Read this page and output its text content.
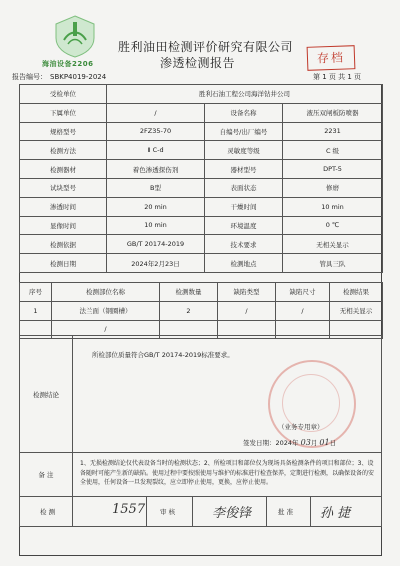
海油设备2206
胜利油田检测评价研究有限公司
渗透检测报告	存档
报告编号： SBKP4019-2024	第 1 页 共 1 页
受检单位	胜利石油工程公司海洋钻井公司		
下属单位	/	设备名称	液压双闸板防喷器
规格型号	2FZ35-70	自编号/出厂编号	2231
检测方法	Ⅱ C-d	灵敏度等级	C 级
检测器材	着色渗透探伤剂	器材型号	DPT-5
试块型号	B型	表面状态	修磨
渗透时间	20 min	干燥时间	10 min
显像时间	10 min	环境温度	0 ℃
检测依据	GB/T 20174-2019	技术要求	无相关显示
检测日期	2024年2月23日	检测地点	管具三队
序号	检测部位名称	检测数量	缺陷类型	缺陷尺寸	检测结果
1	法兰面（钢圈槽）	2	/	/	无相关显示
	/				
检测结论
所检部位质量符合GB/T 20174-2019标准要求。
（业务专用章）
签发日期：2024年 03月 01日
备 注
1、无损检测结论仅代表设备当时的检测状态；2、所检项目和部位仅为现场具备检测条件的项目和部位；3、设备随时可能产生新的缺陷。使用过程中要按照使用与维护的标准进行检查保养，定期进行检测，以确保设备的安全使用，任何设备一旦发现裂纹，应立即停止使用，更换，应停止使用。
检 测	1557 审 核	李俊锋	批 准 孙 捷
